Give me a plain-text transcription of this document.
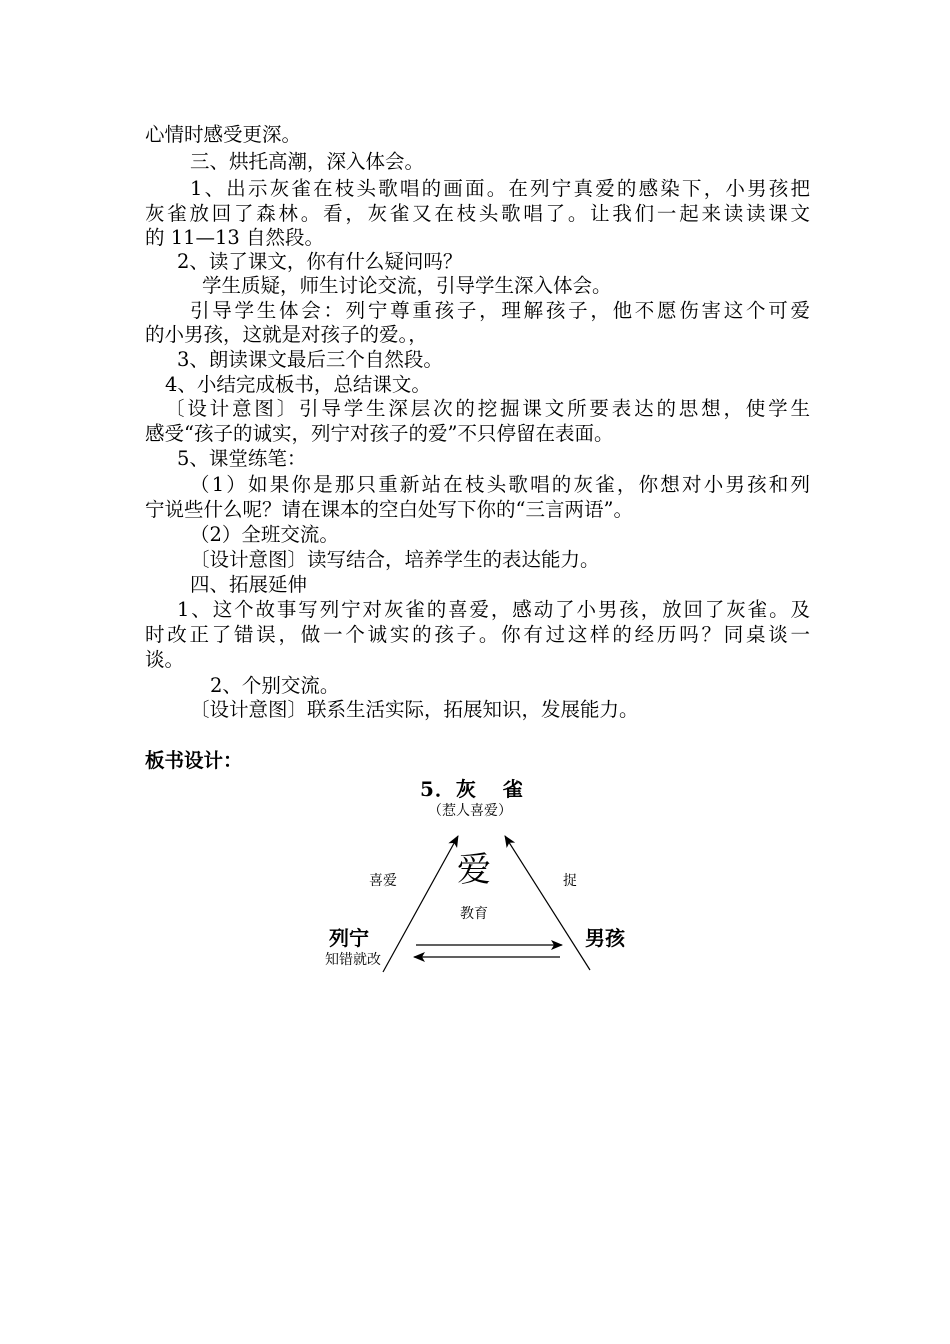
心情时感受更深。
三、烘托高潮，深入体会。
1、出示灰雀在枝头歌唱的画面。在列宁真爱的感染下，小男孩把
灰雀放回了森林。看，灰雀又在枝头歌唱了。让我们一起来读读课文
的 11—13 自然段。
2、读了课文，你有什么疑问吗？
学生质疑，师生讨论交流，引导学生深入体会。
引导学生体会：列宁尊重孩子，理解孩子，他不愿伤害这个可爱
的小男孩，这就是对孩子的爱。，
3、朗读课文最后三个自然段。
4、小结完成板书，总结课文。
〔设计意图〕引导学生深层次的挖掘课文所要表达的思想，使学生
感受“孩子的诚实，列宁对孩子的爱”不只停留在表面。
5、课堂练笔：
（1）如果你是那只重新站在枝头歌唱的灰雀，你想对小男孩和列
宁说些什么呢？请在课本的空白处写下你的“三言两语”。
（2）全班交流。
〔设计意图〕读写结合，培养学生的表达能力。
四、拓展延伸
1、这个故事写列宁对灰雀的喜爱，感动了小男孩，放回了灰雀。及
时改正了错误，做一个诚实的孩子。你有过这样的经历吗？同桌谈一
谈。
2、个别交流。
〔设计意图〕联系生活实际，拓展知识，发展能力。
板书设计：
5．灰 雀
（惹人喜爱）
爱
教育
喜爱	捉
列宁
知错就改
男孩
